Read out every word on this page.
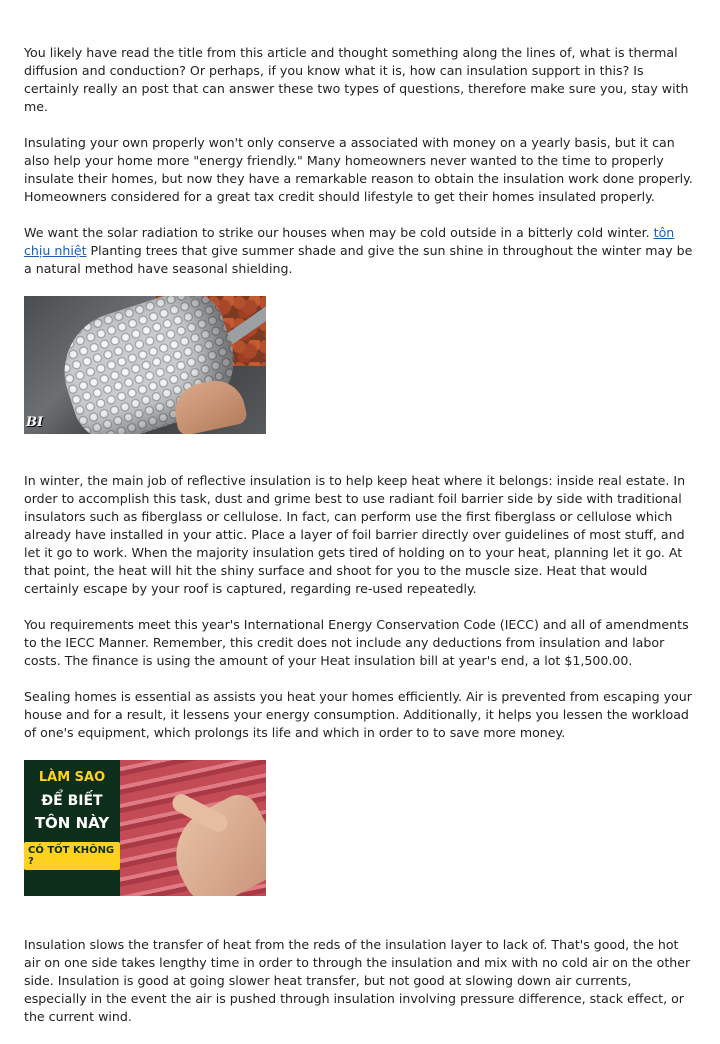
You likely have read the title from this article and thought something along the lines of, what is thermal diffusion and conduction? Or perhaps, if you know what it is, how can insulation support in this? Is certainly really an post that can answer these two types of questions, therefore make sure you, stay with me.

Insulating your own properly won't only conserve a associated with money on a yearly basis, but it can also help your home more "energy friendly." Many homeowners never wanted to the time to properly insulate their homes, but now they have a remarkable reason to obtain the insulation work done properly. Homeowners considered for a great tax credit should lifestyle to get their homes insulated properly.

We want the solar radiation to strike our houses when may be cold outside in a bitterly cold winter. tôn chịu nhiệt Planting trees that give summer shade and give the sun shine in throughout the winter may be a natural method have seasonal shielding.

BI

In winter, the main job of reflective insulation is to help keep heat where it belongs: inside real estate. In order to accomplish this task, dust and grime best to use radiant foil barrier side by side with traditional insulators such as fiberglass or cellulose. In fact, can perform use the first fiberglass or cellulose which already have installed in your attic. Place a layer of foil barrier directly over guidelines of most stuff, and let it go to work. When the majority insulation gets tired of holding on to your heat, planning let it go. At that point, the heat will hit the shiny surface and shoot for you to the muscle size. Heat that would certainly escape by your roof is captured, regarding re-used repeatedly.

You requirements meet this year's International Energy Conservation Code (IECC) and all of amendments to the IECC Manner. Remember, this credit does not include any deductions from insulation and labor costs. The finance is using the amount of your Heat insulation bill at year's end, a lot $1,500.00.

Sealing homes is essential as assists you heat your homes efficiently. Air is prevented from escaping your house and for a result, it lessens your energy consumption. Additionally, it helps you lessen the workload of one's equipment, which prolongs its life and which in order to to save more money.

LÀM SAO
ĐỂ BIẾT
TÔN NÀY
CÓ TỐT KHÔNG ?

Insulation slows the transfer of heat from the reds of the insulation layer to lack of. That's good, the hot air on one side takes lengthy time in order to through the insulation and mix with no cold air on the other side. Insulation is good at going slower heat transfer, but not good at slowing down air currents, especially in the event the air is pushed through insulation involving pressure difference, stack effect, or the current wind.
